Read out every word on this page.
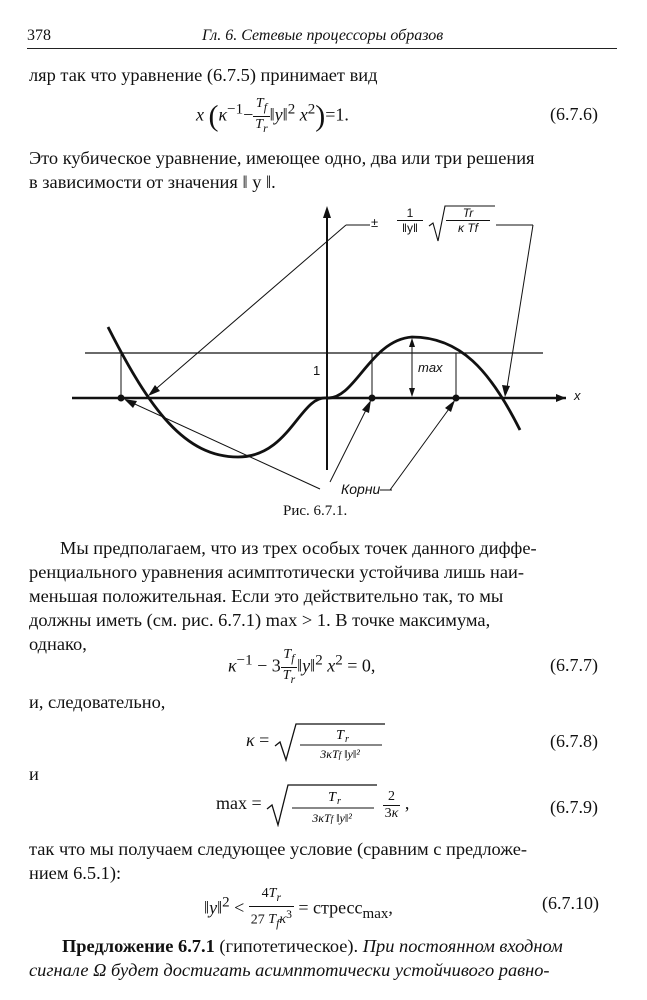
378	Гл. 6. Сетевые процессоры образов
ляр так что уравнение (6.7.5) принимает вид
x ($\kappa^{-1}- \frac{T_f}{T_r}$ ‖y‖$^2$ $x^2)=1$.	(6.7.6)
Это кубическое уравнение, имеющее одно, два или три решения
в зависимости от значения ‖ y ‖.
±
1
‖y‖
Tr
κ Tf
1	max
x
Корни
Рис. 6.7.1.
Мы предполагаем, что из трех особых точек данного диффе-
ренциального уравнения асимптотически устойчива лишь наи-
меньшая положительная. Если это действительно так, то мы
должны иметь (см. рис. 6.7.1) max > 1. В точке максимума,
однако,
$\kappa^{-1} - 3 \frac{T_f}{T_r}$ ‖y‖$^2$ $x^2 = 0$,	(6.7.7)
и, следовательно,
κ =	T r
3κTf ‖y‖²
(6.7.8)
и
max =	T r
3κTf ‖y‖²
$\frac{2}{3\kappa}$ ,	(6.7.9)
так что мы получаем следующее условие (сравним с предложе-
нием 6.5.1):
‖y‖$^2$ < $\frac{4T_r}{27 T_f\kappa^3}$ = стресс$_{max}$,	(6.7.10)
Предложение 6.7.1 (гипотетическое). При постоянном входном
сигнале Ω будет достигать асимптотически устойчивого равно-
